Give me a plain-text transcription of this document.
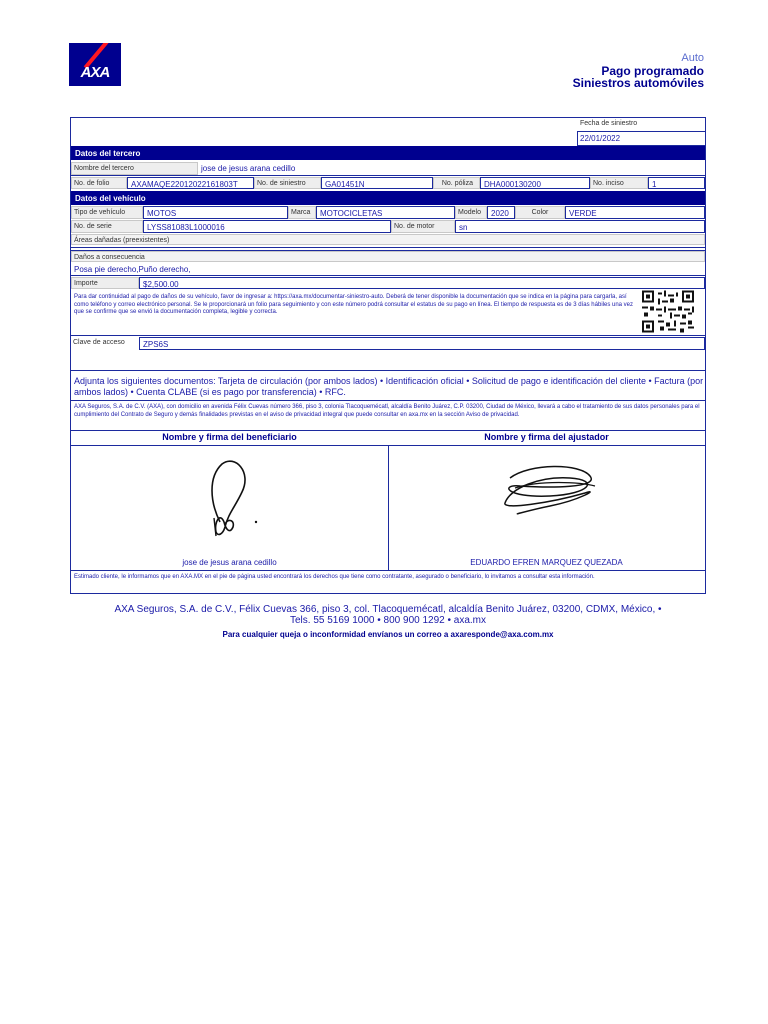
AXA
Auto
Pago programado
Siniestros automóviles
Fecha de siniestro
22/01/2022
Datos del tercero
Nombre del tercero	jose de jesus arana cedillo
No. de folio	AXAMAQE22012022161803T	No. de siniestro	GA01451N	No. póliza	DHA000130200	No. inciso	1
Datos del vehículo
Tipo de vehículo	MOTOS	Marca	MOTOCICLETAS	Modelo	2020	Color	VERDE
No. de serie	LYSS81083L1000016	No. de motor	sn
Áreas dañadas (preexistentes)
Daños a consecuencia
Posa pie derecho,Puño derecho,
Importe	$2,500.00
Para dar continuidad al pago de daños de su vehículo, favor de ingresar a: https://axa.mx/documentar-siniestro-auto. Deberá de tener disponible la documentación que se indica en la página para cargarla, así como teléfono y correo electrónico personal. Se le proporcionará un folio para seguimiento y con este número podrá consultar el estatus de su pago en línea. El tiempo de respuesta es de 3 días hábiles una vez que se confirme que se envió la documentación completa, legible y correcta.
Clave de acceso	ZPS6S
Adjunta los siguientes documentos: Tarjeta de circulación (por ambos lados) • Identificación oficial • Solicitud de pago e identificación del cliente • Factura (por ambos lados) • Cuenta CLABE (si es pago por transferencia) • RFC.
AXA Seguros, S.A. de C.V. (AXA), con domicilio en avenida Félix Cuevas número 366, piso 3, colonia Tlacoquemécatl, alcaldía Benito Juárez, C.P. 03200, Ciudad de México, llevará a cabo el tratamiento de sus datos personales para el cumplimiento del Contrato de Seguro y demás finalidades previstas en el aviso de privacidad integral que puede consultar en axa.mx en la sección Aviso de privacidad.
Nombre y firma del beneficiario	Nombre y firma del ajustador
jose de jesus arana cedillo	EDUARDO EFREN MARQUEZ QUEZADA
Estimado cliente, le informamos que en AXA.MX en el pie de página usted encontrará los derechos que tiene como contratante, asegurado o beneficiario, lo invitamos a consultar esta información.
AXA Seguros, S.A. de C.V., Félix Cuevas 366, piso 3, col. Tlacoquemécatl, alcaldía Benito Juárez, 03200, CDMX, México, •
Tels. 55 5169 1000 • 800 900 1292 • axa.mx
Para cualquier queja o inconformidad envíanos un correo a axaresponde@axa.com.mx
